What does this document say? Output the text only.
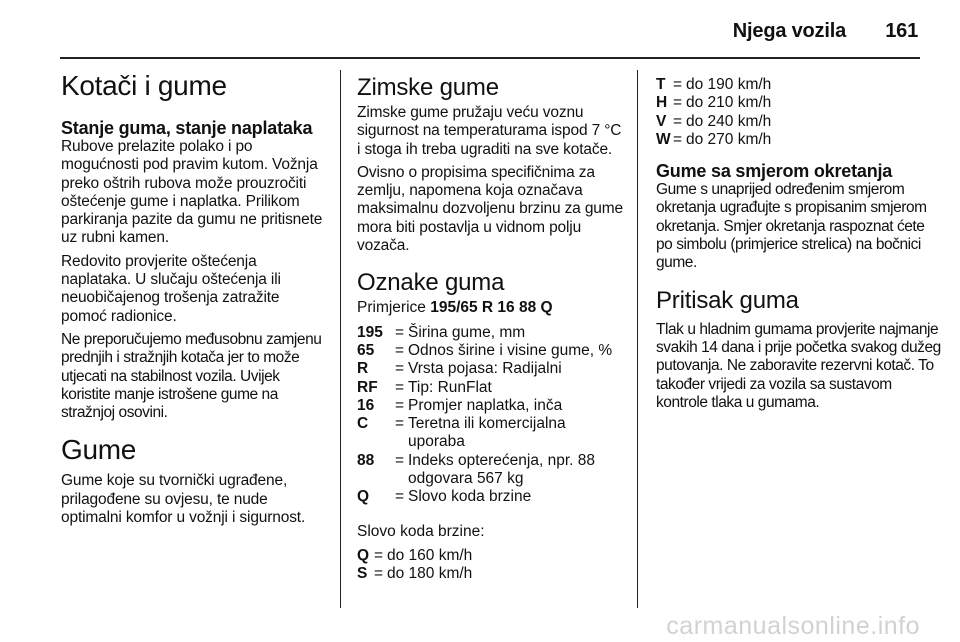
Njega vozila 161
Kotači i gume
Stanje guma, stanje naplataka

Rubove prelazite polako i po mogućnosti pod pravim kutom. Vožnja preko oštrih rubova može prouzročiti oštećenje gume i naplatka. Prilikom parkiranja pazite da gumu ne pritisnete uz rubni kamen.

Redovito provjerite oštećenja naplataka. U slučaju oštećenja ili neuobičajenog trošenja zatražite pomoć radionice.

Ne preporučujemo međusobnu zamjenu prednjih i stražnjih kotača jer to može utjecati na stabilnost vozila. Uvijek koristite manje istrošene gume na stražnjoj osovini.

Gume

Gume koje su tvornički ugrađene, prilagođene su ovjesu, te nude optimalni komfor u vožnji i sigurnost.

Zimske gume

Zimske gume pružaju veću voznu sigurnost na temperaturama ispod 7 °C i stoga ih treba ugraditi na sve kotače.

Ovisno o propisima specifičnima za zemlju, napomena koja označava maksimalnu dozvoljenu brzinu za gume mora biti postavlja u vidnom polju vozača.

Oznake guma

Primjerice 195/65 R 16 88 Q

195 = Širina gume, mm
65	= Odnos širine i visine gume, %
R	= Vrsta pojasa: Radijalni
RF	= Tip: RunFlat
16	= Promjer naplatka, inča
C	= Teretna ili komercijalna uporaba
88	= Indeks opterećenja, npr. 88 odgovara 567 kg
Q	= Slovo koda brzine

Slovo koda brzine:

Q = do 160 km/h
S = do 180 km/h
T = do 190 km/h
H = do 210 km/h
V = do 240 km/h
W = do 270 km/h
Gume sa smjerom okretanja

Gume s unaprijed određenim smjerom okretanja ugrađujte s propisanim smjerom okretanja. Smjer okretanja raspoznat ćete po simbolu (primjerice strelica) na bočnici gume.

Pritisak guma

Tlak u hladnim gumama provjerite najmanje svakih 14 dana i prije početka svakog dužeg putovanja. Ne zaboravite rezervni kotač. To također vrijedi za vozila sa sustavom kontrole tlaka u gumama.

carmanualsonline.info
